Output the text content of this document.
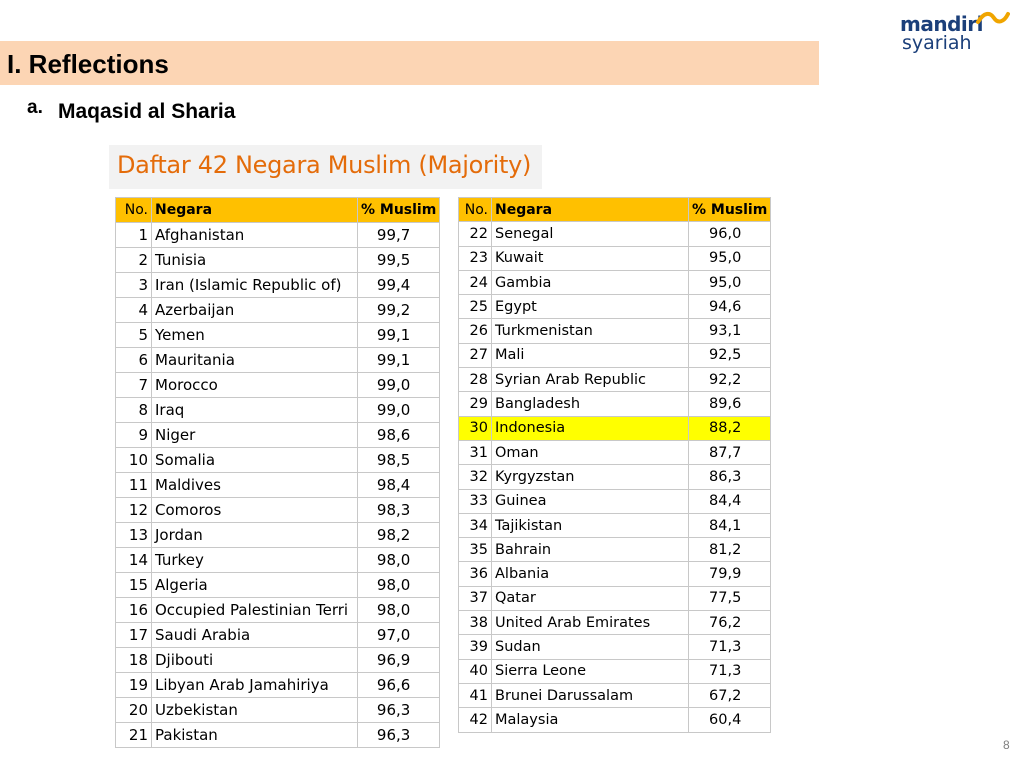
I. Reflections
a. Maqasid al Sharia
mandiri
syariah
Daftar 42 Negara Muslim (Majority)
No.	Negara	% Muslim
1	Afghanistan	99,7
2	Tunisia	99,5
3	Iran (Islamic Republic of)	99,4
4	Azerbaijan	99,2
5	Yemen	99,1
6	Mauritania	99,1
7	Morocco	99,0
8	Iraq	99,0
9	Niger	98,6
10	Somalia	98,5
11	Maldives	98,4
12	Comoros	98,3
13	Jordan	98,2
14	Turkey	98,0
15	Algeria	98,0
16	Occupied Palestinian Terri	98,0
17	Saudi Arabia	97,0
18	Djibouti	96,9
19	Libyan Arab Jamahiriya	96,6
20	Uzbekistan	96,3
21	Pakistan	96,3
No.	Negara	% Muslim
22	Senegal	96,0
23	Kuwait	95,0
24	Gambia	95,0
25	Egypt	94,6
26	Turkmenistan	93,1
27	Mali	92,5
28	Syrian Arab Republic	92,2
29	Bangladesh	89,6
30	Indonesia	88,2
31	Oman	87,7
32	Kyrgyzstan	86,3
33	Guinea	84,4
34	Tajikistan	84,1
35	Bahrain	81,2
36	Albania	79,9
37	Qatar	77,5
38	United Arab Emirates	76,2
39	Sudan	71,3
40	Sierra Leone	71,3
41	Brunei Darussalam	67,2
42	Malaysia	60,4
8
